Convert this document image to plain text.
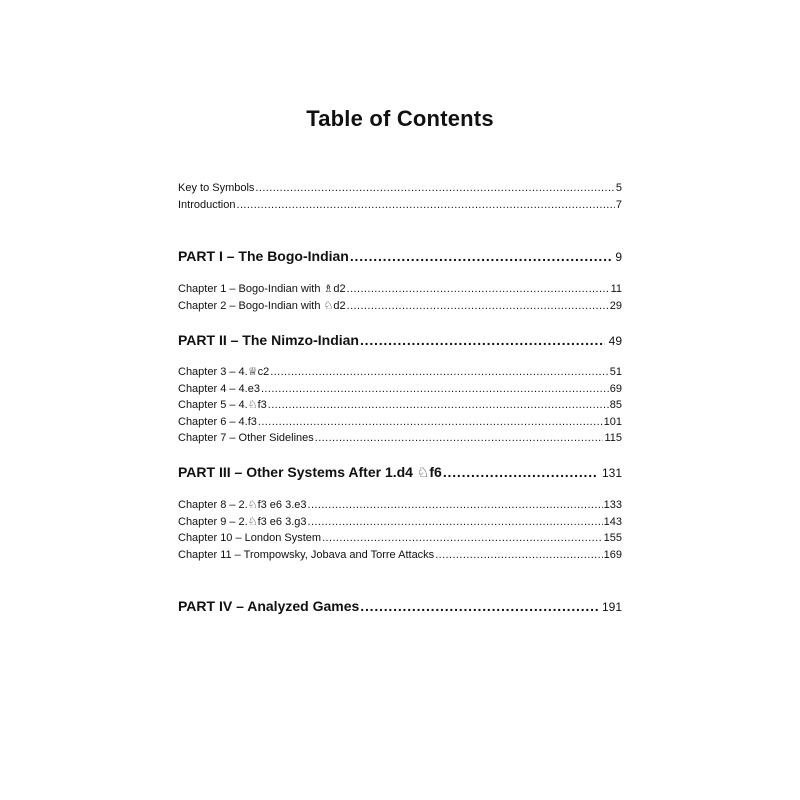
Table of Contents
Key to Symbols .....	5
Introduction .....	7
PART I – The Bogo-Indian .....	9
Chapter 1 – Bogo-Indian with ♗d2 .....	11
Chapter 2 – Bogo-Indian with ♘d2 .....	29
PART II – The Nimzo-Indian .....	49
Chapter 3 – 4.♕c2 .....	51
Chapter 4 – 4.e3 .....	69
Chapter 5 – 4.♘f3 .....	85
Chapter 6 – 4.f3 .....	101
Chapter 7 – Other Sidelines .....	115
PART III – Other Systems After 1.d4 ♘f6 .....	131
Chapter 8 – 2.♘f3 e6 3.e3 .....	133
Chapter 9 – 2.♘f3 e6 3.g3 .....	143
Chapter 10 – London System .....	155
Chapter 11 – Trompowsky, Jobava and Torre Attacks .....	169
PART IV – Analyzed Games .....	191
